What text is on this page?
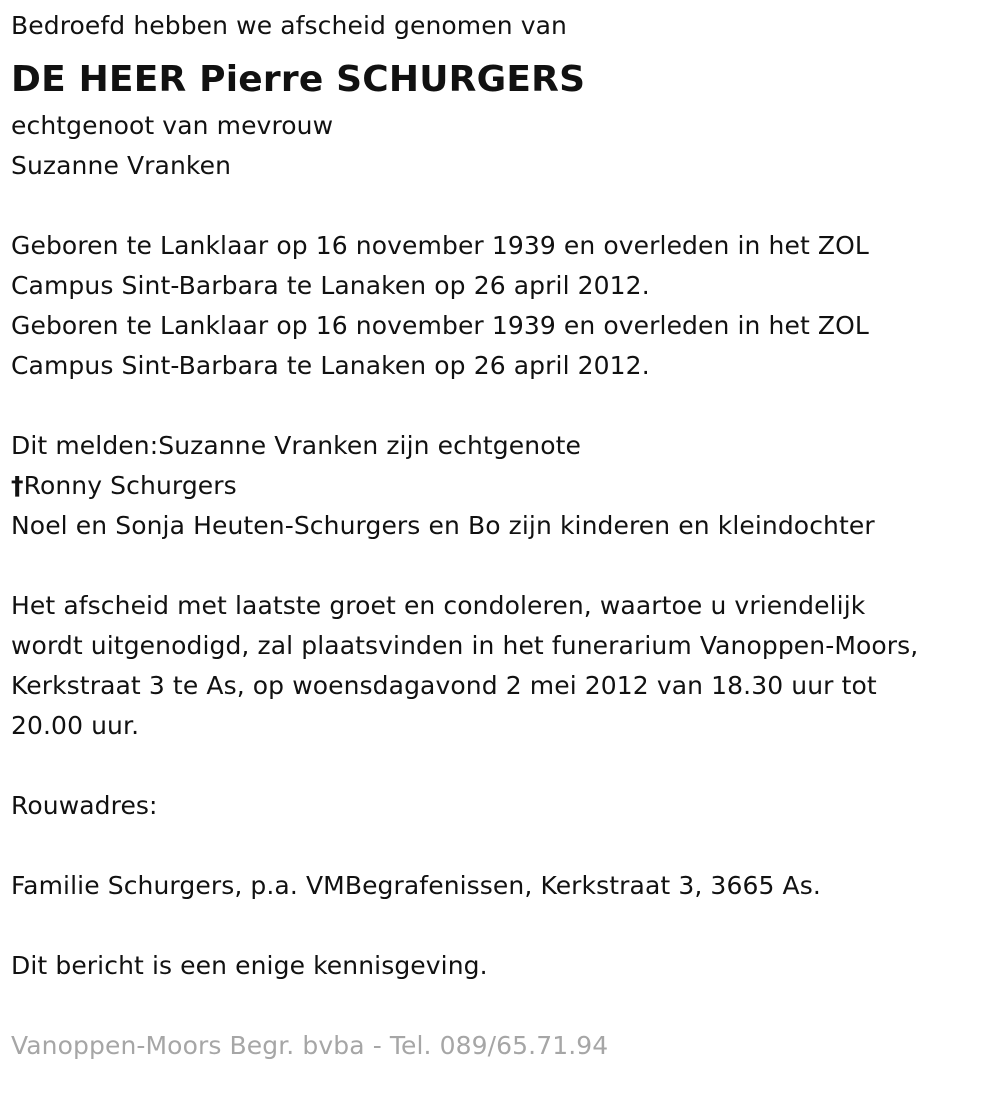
Bedroefd hebben we afscheid genomen van
DE HEER Pierre SCHURGERS
echtgenoot van mevrouw
Suzanne Vranken
Geboren te Lanklaar op 16 november 1939 en overleden in het ZOL
Campus Sint-Barbara te Lanaken op 26 april 2012.
Geboren te Lanklaar op 16 november 1939 en overleden in het ZOL
Campus Sint-Barbara te Lanaken op 26 april 2012.
Dit melden:Suzanne Vranken zijn echtgenote
†Ronny Schurgers
Noel en Sonja Heuten-Schurgers en Bo zijn kinderen en kleindochter
Het afscheid met laatste groet en condoleren, waartoe u vriendelijk
wordt uitgenodigd, zal plaatsvinden in het funerarium Vanoppen-Moors,
Kerkstraat 3 te As, op woensdagavond 2 mei 2012 van 18.30 uur tot
20.00 uur.
Rouwadres:
Familie Schurgers, p.a. VMBegrafenissen, Kerkstraat 3, 3665 As.
Dit bericht is een enige kennisgeving.
Vanoppen-Moors Begr. bvba - Tel. 089/65.71.94
